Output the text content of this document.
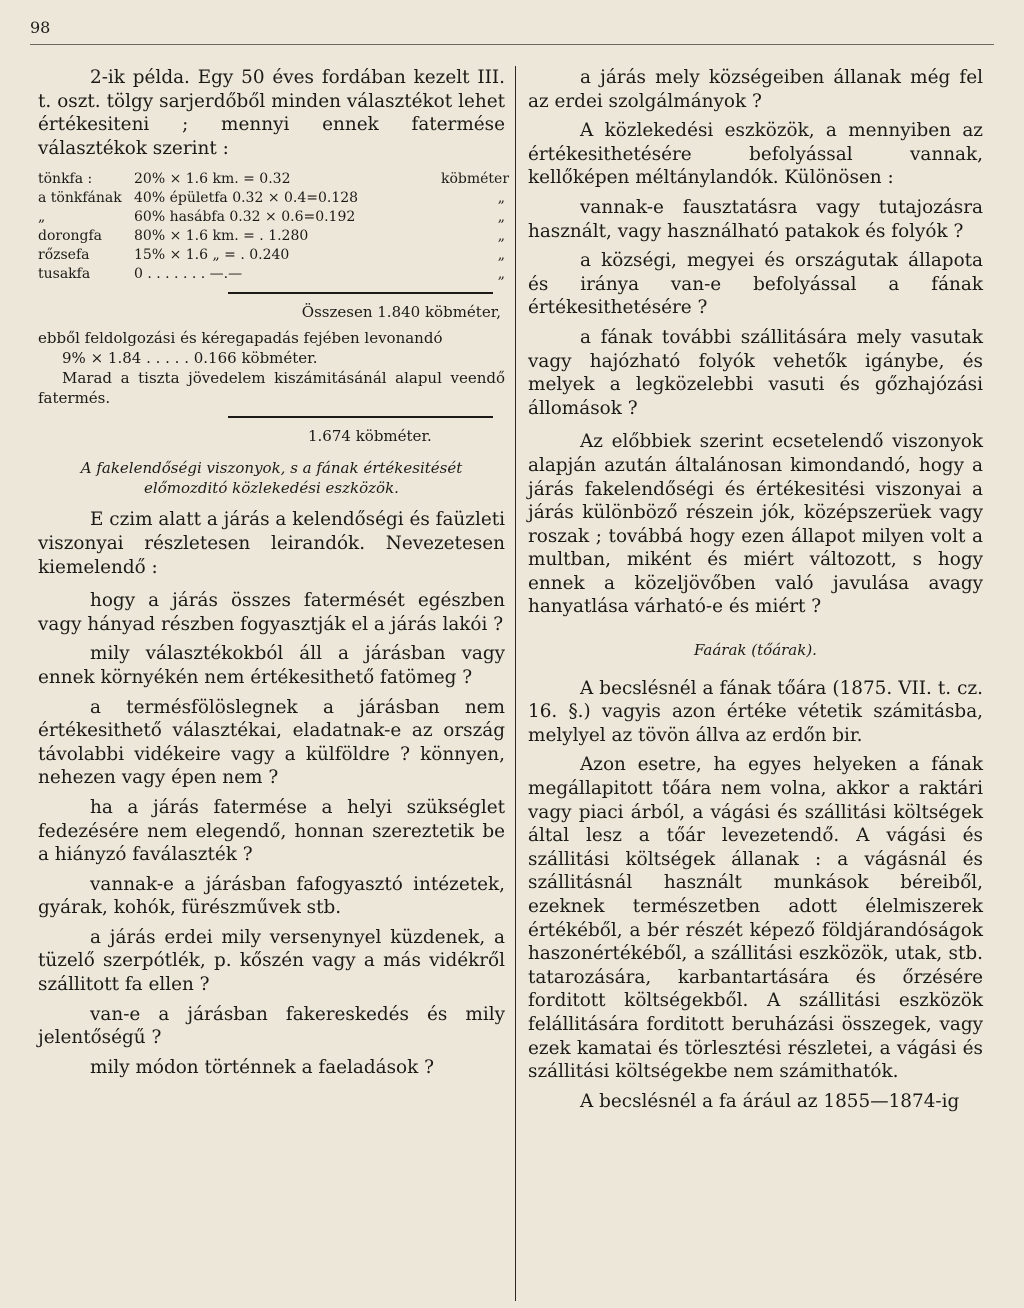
98

2-ik példa. Egy 50 éves fordában kezelt III. t. oszt. tölgy sarjerdőből minden választékot lehet értékesiteni ; mennyi ennek fatermése választékok szerint :

tönkfa :	20% × 1.6 km. = 0.32	köbméter
a tönkfának 40% épületfa 0.32 × 0.4=0.128	„
„	60% hasábfa 0.32 × 0.6=0.192	„
dorongfa	80% × 1.6 km. = . 1.280	„
rőzsefa	15% × 1.6 „ = . 0.240	„
tusakfa	0 . . . . . . . —.—	„
Összesen 1.840 köbméter,

ebből feldolgozási és kéregapadás fejében levonandó

9% × 1.84 . . . . . 0.166 köbméter.

Marad a tiszta jövedelem kiszámitásánál alapul veendő fatermés.

1.674 köbméter.
A fakelendőségi viszonyok, s a fának értékesitését előmozditó közlekedési eszközök.

E czim alatt a járás a kelendőségi és faüzleti viszonyai részletesen leirandók. Nevezetesen kiemelendő :

hogy a járás összes fatermését egészben vagy hányad részben fogyasztják el a járás lakói ?

mily választékokból áll a járásban vagy ennek környékén nem értékesithető fatömeg ?

a termésfölöslegnek a járásban nem értékesithető választékai, eladatnak-e az ország távolabbi vidékeire vagy a külföldre ? könnyen, nehezen vagy épen nem ?

ha a járás fatermése a helyi szükséglet fedezésére nem elegendő, honnan szereztetik be a hiányzó faválaszték ?

vannak-e a járásban fafogyasztó intézetek, gyárak, kohók, fürészművek stb.

a járás erdei mily versenynyel küzdenek, a tüzelő szerpótlék, p. kőszén vagy a más vidékről szállitott fa ellen ?

van-e a járásban fakereskedés és mily jelentőségű ?

mily módon történnek a faeladások ?

a járás mely községeiben állanak még fel az erdei szolgálmányok ?

A közlekedési eszközök, a mennyiben az értékesithetésére befolyással vannak, kellőképen méltánylandók. Különösen :

vannak-e fausztatásra vagy tutajozásra használt, vagy használható patakok és folyók ?

a községi, megyei és országutak állapota és iránya van-e befolyással a fának értékesithetésére ?

a fának további szállitására mely vasutak vagy hajózható folyók vehetők igánybe, és melyek a legközelebbi vasuti és gőzhajózási állomások ?

Az előbbiek szerint ecsetelendő viszonyok alapján azután általánosan kimondandó, hogy a járás fakelendőségi és értékesitési viszonyai a járás különböző részein jók, középszerüek vagy roszak ; továbbá hogy ezen állapot milyen volt a multban, miként és miért változott, s hogy ennek a közeljövőben való javulása avagy hanyatlása várható-e és miért ?

Faárak (tőárak).

A becslésnél a fának tőára (1875. VII. t. cz. 16. §.) vagyis azon értéke vétetik számitásba, melylyel az tövön állva az erdőn bir.

Azon esetre, ha egyes helyeken a fának megállapitott tőára nem volna, akkor a raktári vagy piaci árból, a vágási és szállitási költségek által lesz a tőár levezetendő. A vágási és szállitási költségek állanak : a vágásnál és szállitásnál használt munkások béreiből, ezeknek természetben adott élelmiszerek értékéből, a bér részét képező földjárandóságok haszonértékéből, a szállitási eszközök, utak, stb. tatarozására, karbantartására és őrzésére forditott költségekből. A szállitási eszközök felállitására forditott beruházási összegek, vagy ezek kamatai és törlesztési részletei, a vágási és szállitási költségekbe nem számithatók.

A becslésnél a fa árául az 1855—1874-ig
